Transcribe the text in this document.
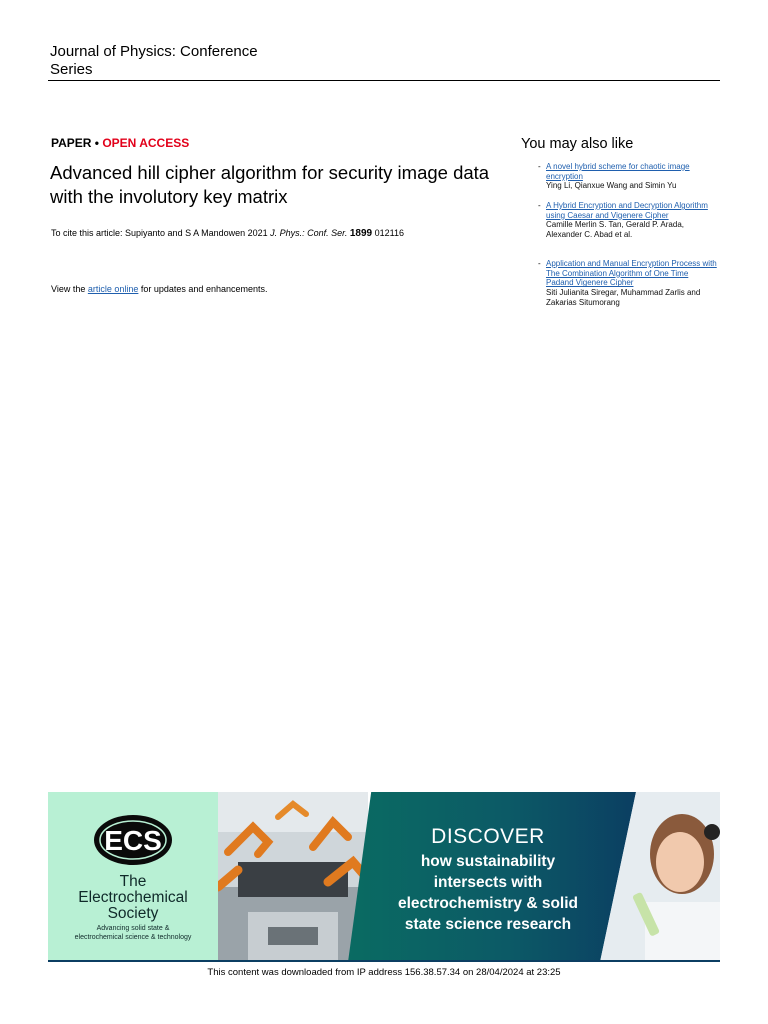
Journal of Physics: Conference
Series
PAPER • OPEN ACCESS
Advanced hill cipher algorithm for security image data with the involutory key matrix
To cite this article: Supiyanto and S A Mandowen 2021 J. Phys.: Conf. Ser. 1899 012116
View the article online for updates and enhancements.
You may also like
- A novel hybrid scheme for chaotic image encryption
Ying Li, Qianxue Wang and Simin Yu
- A Hybrid Encryption and Decryption Algorithm using Caesar and Vigenere Cipher
Camille Merlin S. Tan, Gerald P. Arada, Alexander C. Abad et al.
- Application and Manual Encryption Process with The Combination Algorithm of One Time Padand Vigenere Cipher
Siti Julianita Siregar, Muhammad Zarlis and Zakarias Situmorang
ECS
The
Electrochemical
Society
Advancing solid state &
electrochemical science & technology
DISCOVER
how sustainability
intersects with
electrochemistry & solid
state science research
This content was downloaded from IP address 156.38.57.34 on 28/04/2024 at 23:25
